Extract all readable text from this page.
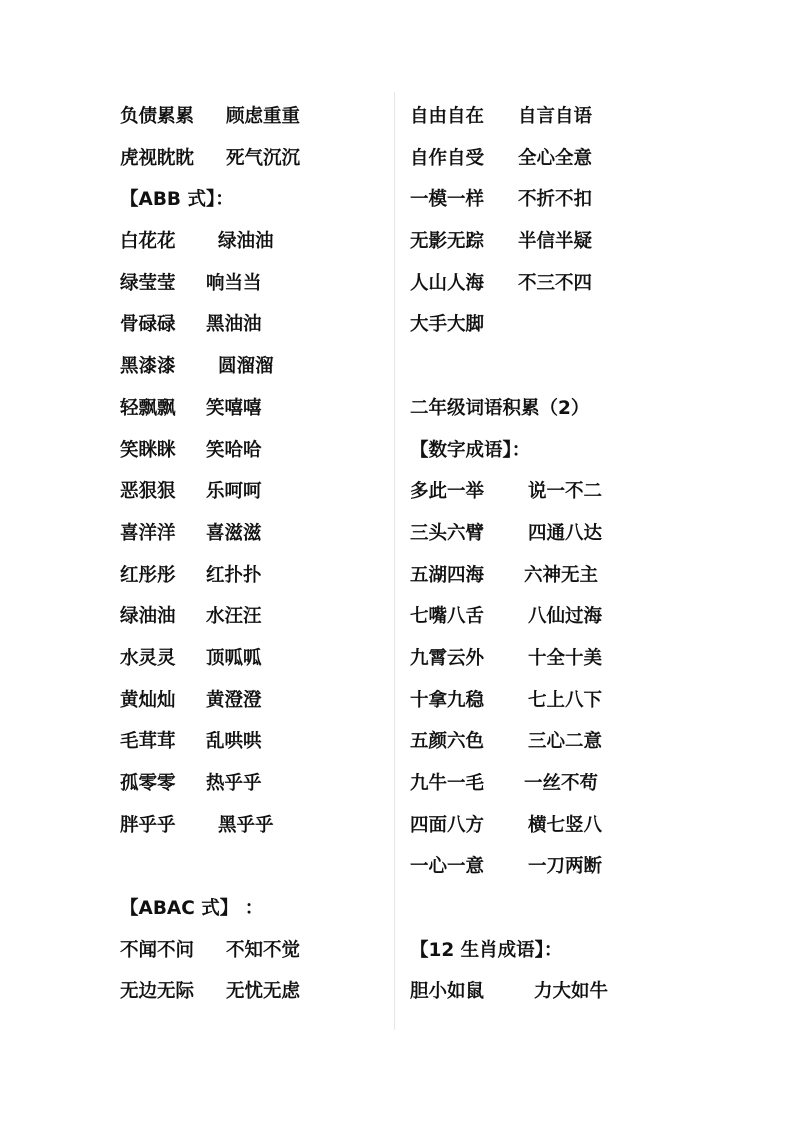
负债累累 顾虑重重
虎视眈眈 死气沉沉
【ABB 式】：
白花花 绿油油
绿莹莹 响当当
骨碌碌 黑油油
黑漆漆 圆溜溜
轻飘飘 笑嘻嘻
笑眯眯 笑哈哈
恶狠狠 乐呵呵
喜洋洋 喜滋滋
红彤彤 红扑扑
绿油油 水汪汪
水灵灵 顶呱呱
黄灿灿 黄澄澄
毛茸茸 乱哄哄
孤零零 热乎乎
胖乎乎 黑乎乎
【ABAC 式】 ：
不闻不问 不知不觉
无边无际 无忧无虑
自由自在 自言自语
自作自受 全心全意
一模一样 不折不扣
无影无踪 半信半疑
人山人海 不三不四
大手大脚
二年级词语积累（2）
【数字成语】：
多此一举 说一不二
三头六臂 四通八达
五湖四海 六神无主
七嘴八舌 八仙过海
九霄云外 十全十美
十拿九稳 七上八下
五颜六色 三心二意
九牛一毛 一丝不苟
四面八方 横七竖八
一心一意 一刀两断
【12 生肖成语】：
胆小如鼠	力大如牛
